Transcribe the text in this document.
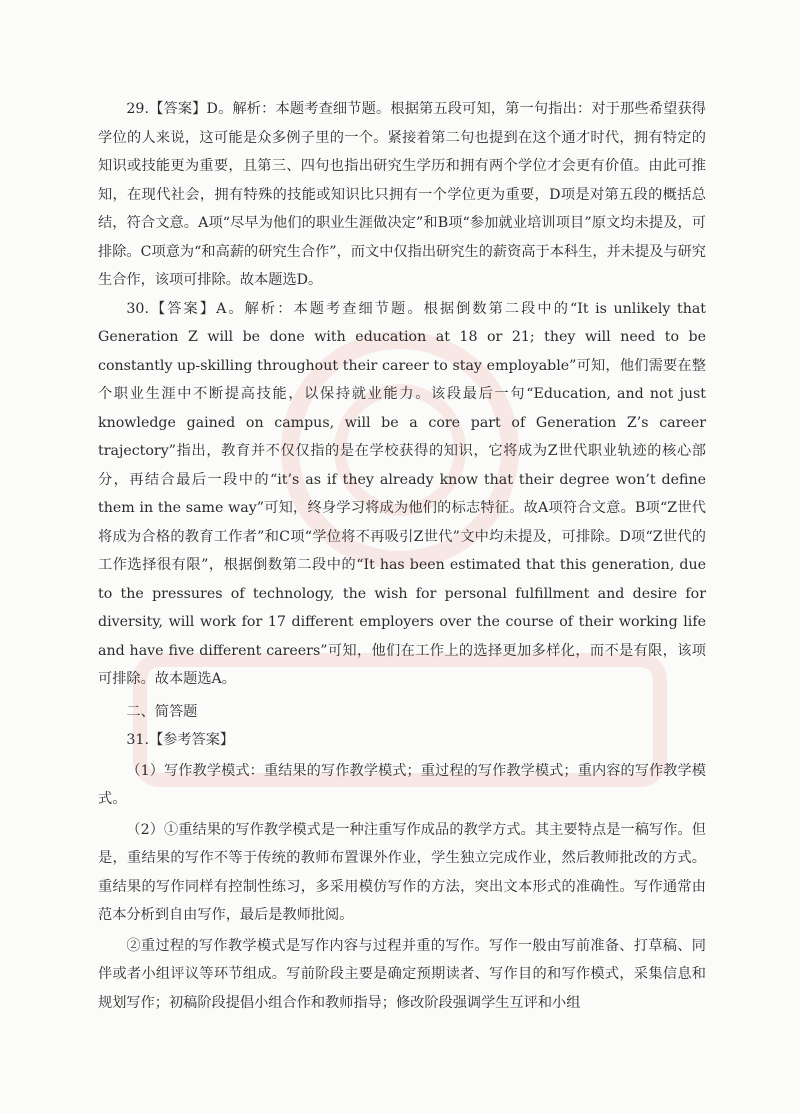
29.【答案】D。解析：本题考查细节题。根据第五段可知，第一句指出：对于那些希望获得学位的人来说，这可能是众多例子里的一个。紧接着第二句也提到在这个通才时代，拥有特定的知识或技能更为重要，且第三、四句也指出研究生学历和拥有两个学位才会更有价值。由此可推知，在现代社会，拥有特殊的技能或知识比只拥有一个学位更为重要，D项是对第五段的概括总结，符合文意。A项“尽早为他们的职业生涯做决定”和B项“参加就业培训项目”原文均未提及，可排除。C项意为“和高薪的研究生合作”，而文中仅指出研究生的薪资高于本科生，并未提及与研究生合作，该项可排除。故本题选D。

30.【答案】A。解析：本题考查细节题。根据倒数第二段中的“It is unlikely that Generation Z will be done with education at 18 or 21; they will need to be constantly up-skilling throughout their career to stay employable”可知，他们需要在整个职业生涯中不断提高技能，以保持就业能力。该段最后一句“Education, and not just knowledge gained on campus, will be a core part of Generation Z’s career trajectory”指出，教育并不仅仅指的是在学校获得的知识，它将成为Z世代职业轨迹的核心部分，再结合最后一段中的“it’s as if they already know that their degree won’t define them in the same way”可知，终身学习将成为他们的标志特征。故A项符合文意。B项“Z世代将成为合格的教育工作者”和C项“学位将不再吸引Z世代”文中均未提及，可排除。D项“Z世代的工作选择很有限”，根据倒数第二段中的“It has been estimated that this generation, due to the pressures of technology, the wish for personal fulfillment and desire for diversity, will work for 17 different employers over the course of their working life and have five different careers”可知，他们在工作上的选择更加多样化，而不是有限，该项可排除。故本题选A。

二、简答题

31.【参考答案】

（1）写作教学模式：重结果的写作教学模式；重过程的写作教学模式；重内容的写作教学模式。

（2）①重结果的写作教学模式是一种注重写作成品的教学方式。其主要特点是一稿写作。但是，重结果的写作不等于传统的教师布置课外作业，学生独立完成作业，然后教师批改的方式。重结果的写作同样有控制性练习，多采用模仿写作的方法，突出文本形式的准确性。写作通常由范本分析到自由写作，最后是教师批阅。

②重过程的写作教学模式是写作内容与过程并重的写作。写作一般由写前准备、打草稿、同伴或者小组评议等环节组成。写前阶段主要是确定预期读者、写作目的和写作模式，采集信息和规划写作；初稿阶段提倡小组合作和教师指导；修改阶段强调学生互评和小组
